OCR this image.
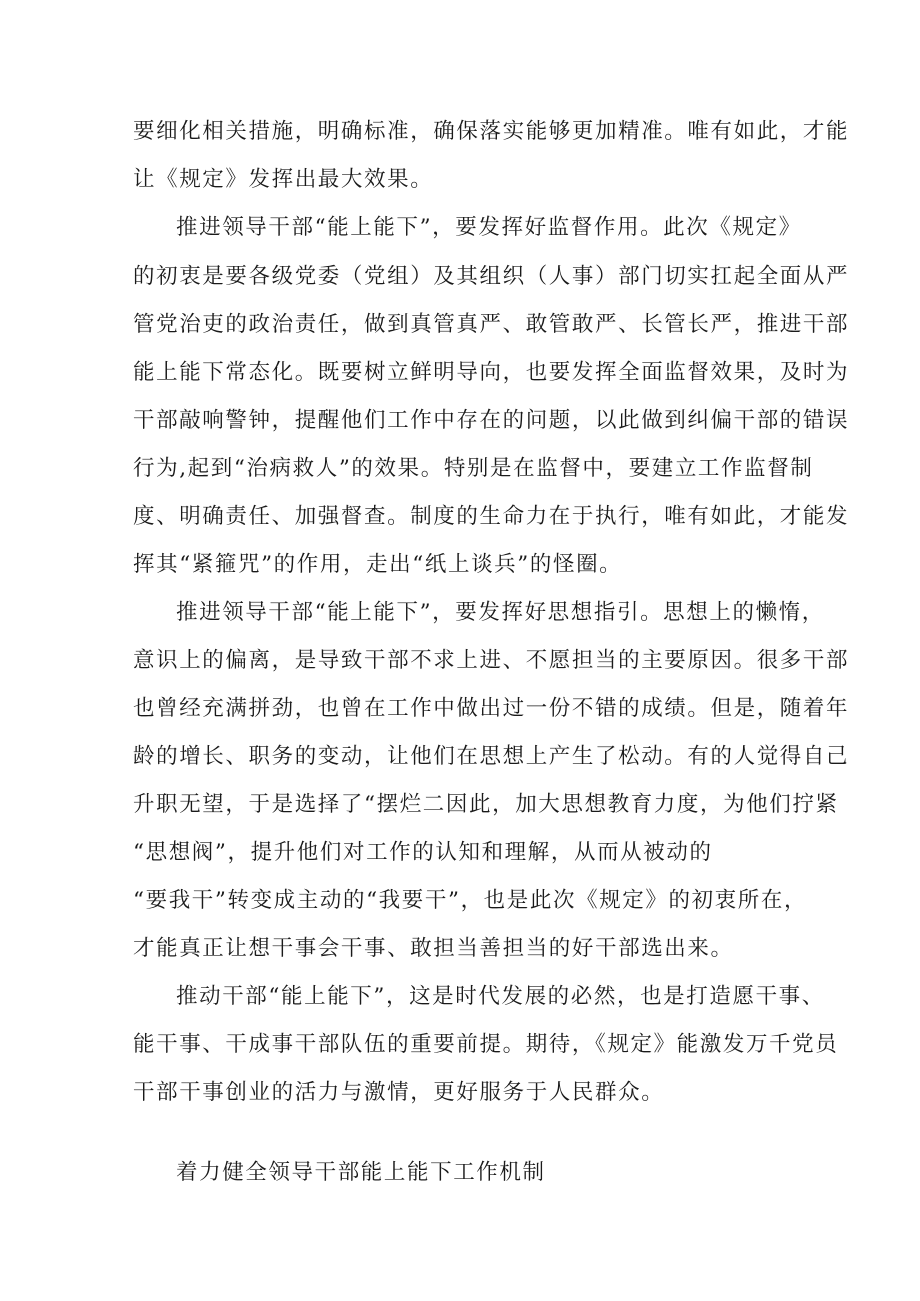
要细化相关措施，明确标准，确保落实能够更加精准。唯有如此，才能
让《规定》发挥出最大效果。
推进领导干部“能上能下”，要发挥好监督作用。此次《规定》
的初衷是要各级党委（党组）及其组织（人事）部门切实扛起全面从严
管党治吏的政治责任，做到真管真严、敢管敢严、长管长严，推进干部
能上能下常态化。既要树立鲜明导向，也要发挥全面监督效果，及时为
干部敲响警钟，提醒他们工作中存在的问题，以此做到纠偏干部的错误
行为,起到“治病救人”的效果。特别是在监督中，要建立工作监督制
度、明确责任、加强督查。制度的生命力在于执行，唯有如此，才能发
挥其“紧箍咒”的作用，走出“纸上谈兵”的怪圈。
推进领导干部“能上能下”，要发挥好思想指引。思想上的懒惰，
意识上的偏离，是导致干部不求上进、不愿担当的主要原因。很多干部
也曾经充满拼劲，也曾在工作中做出过一份不错的成绩。但是，随着年
龄的增长、职务的变动，让他们在思想上产生了松动。有的人觉得自己
升职无望，于是选择了“摆烂二因此，加大思想教育力度，为他们拧紧
“思想阀”，提升他们对工作的认知和理解，从而从被动的
“要我干”转变成主动的“我要干”，也是此次《规定》的初衷所在，
才能真正让想干事会干事、敢担当善担当的好干部选出来。
推动干部“能上能下”，这是时代发展的必然，也是打造愿干事、
能干事、干成事干部队伍的重要前提。期待，《规定》能激发万千党员
干部干事创业的活力与激情，更好服务于人民群众。
着力健全领导干部能上能下工作机制
